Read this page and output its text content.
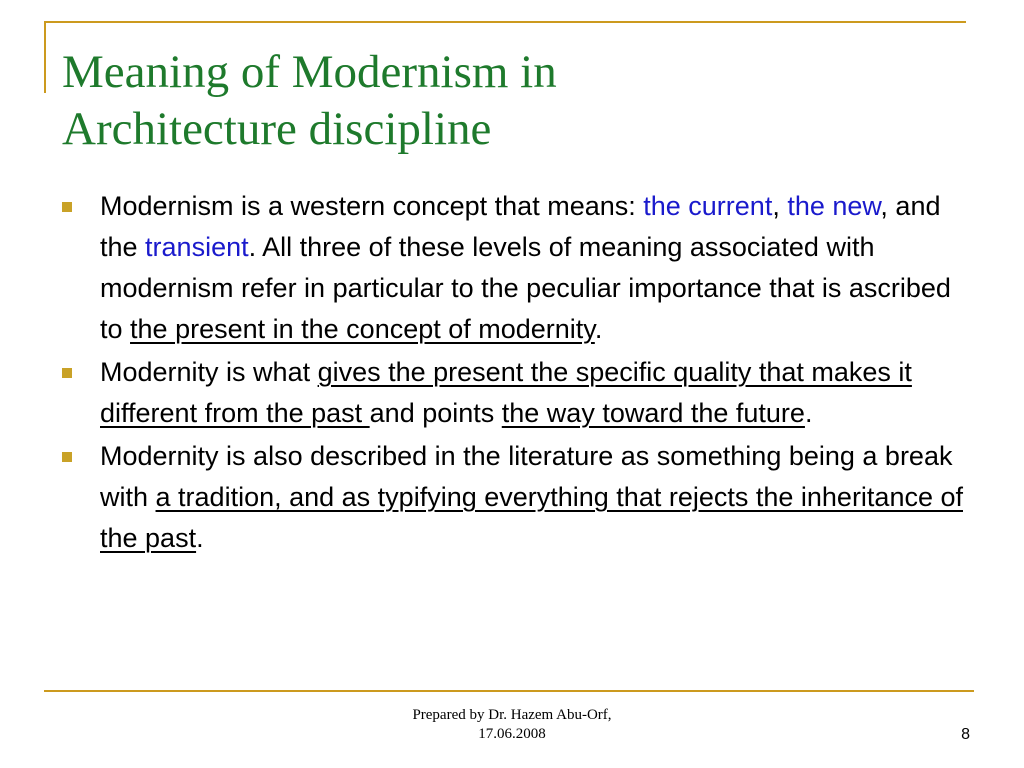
Meaning of Modernism in
Architecture discipline
Modernism is a western concept that means: the current, the new, and the transient. All three of these levels of meaning associated with modernism refer in particular to the peculiar importance that is ascribed to the present in the concept of modernity.
Modernity is what gives the present the specific quality that makes it different from the past and points the way toward the future.
Modernity is also described in the literature as something being a break with a tradition, and as typifying everything that rejects the inheritance of the past.
Prepared by Dr. Hazem Abu-Orf,
17.06.2008	8
